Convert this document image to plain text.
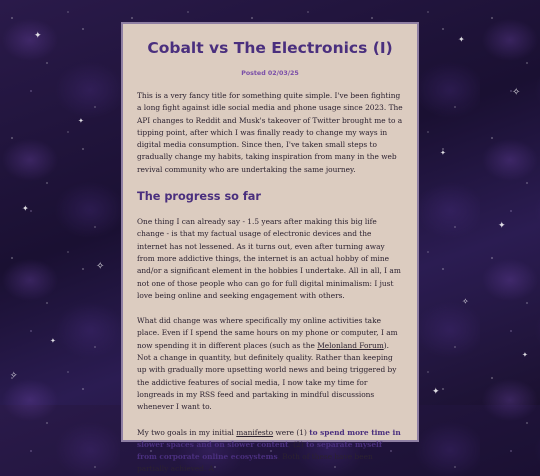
✦
✦
✦
✧
✦
✧
✦
✧
✦
✦
✧
✦
✦
Cobalt vs The Electronics (I)
Posted 02/03/25

This is a very fancy title for something quite simple. I've been fighting a long fight against idle social media and phone usage since 2023. The API changes to Reddit and Musk's takeover of Twitter brought me to a tipping point, after which I was finally ready to change my ways in digital media consumption. Since then, I've taken small steps to gradually change my habits, taking inspiration from many in the web revival community who are undertaking the same journey.

The progress so far

One thing I can already say - 1.5 years after making this big life change - is that my factual usage of electronic devices and the internet has not lessened. As it turns out, even after turning away from more addictive things, the internet is an actual hobby of mine and/or a significant element in the hobbies I undertake. All in all, I am not one of those people who can go for full digital minimalism: I just love being online and seeking engagement with others.

What did change was where specifically my online activities take place. Even if I spend the same hours on my phone or computer, I am now spending it in different places (such as the Melonland Forum). Not a change in quantity, but definitely quality. Rather than keeping up with gradually more upsetting world news and being triggered by the addictive features of social media, I now take my time for longreads in my RSS feed and partaking in mindful discussions whenever I want to.

My two goals in my initial manifesto were (1) to spend more time in slower spaces and on slower content, (2) to separate myself from corporate online ecosystems. Both of these have been partially achieved. A
